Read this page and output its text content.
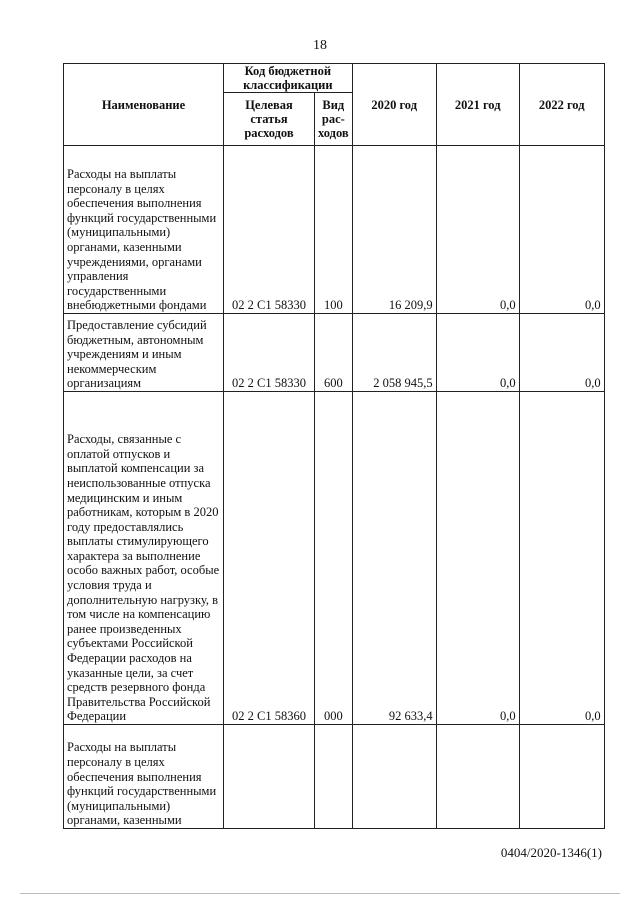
18
Наименование	Код бюджетной классификации		2020 год	2021 год	2022 год
	Целевая статья расходов	Вид рас-ходов			

Расходы на выплаты персоналу в целях обеспечения выполнения функций государственными (муниципальными) органами, казенными учреждениями, органами управления государственными внебюджетными фондами	02 2 C1 58330	100	16 209,9	0,0	0,0

Предоставление субсидий бюджетным, автономным учреждениям и иным некоммерческим организациям	02 2 C1 58330	600	2 058 945,5	0,0	0,0

Расходы, связанные с оплатой отпусков и выплатой компенсации за неиспользованные отпуска медицинским и иным работникам, которым в 2020 году предоставлялись выплаты стимулирующего характера за выполнение особо важных работ, особые условия труда и дополнительную нагрузку, в том числе на компенсацию ранее произведенных субъектами Российской Федерации расходов на указанные цели, за счет средств резервного фонда Правительства Российской Федерации	02 2 C1 58360	000	92 633,4	0,0	0,0

Расходы на выплаты персоналу в целях обеспечения выполнения функций государственными (муниципальными) органами, казенными					

0404/2020-1346(1)
